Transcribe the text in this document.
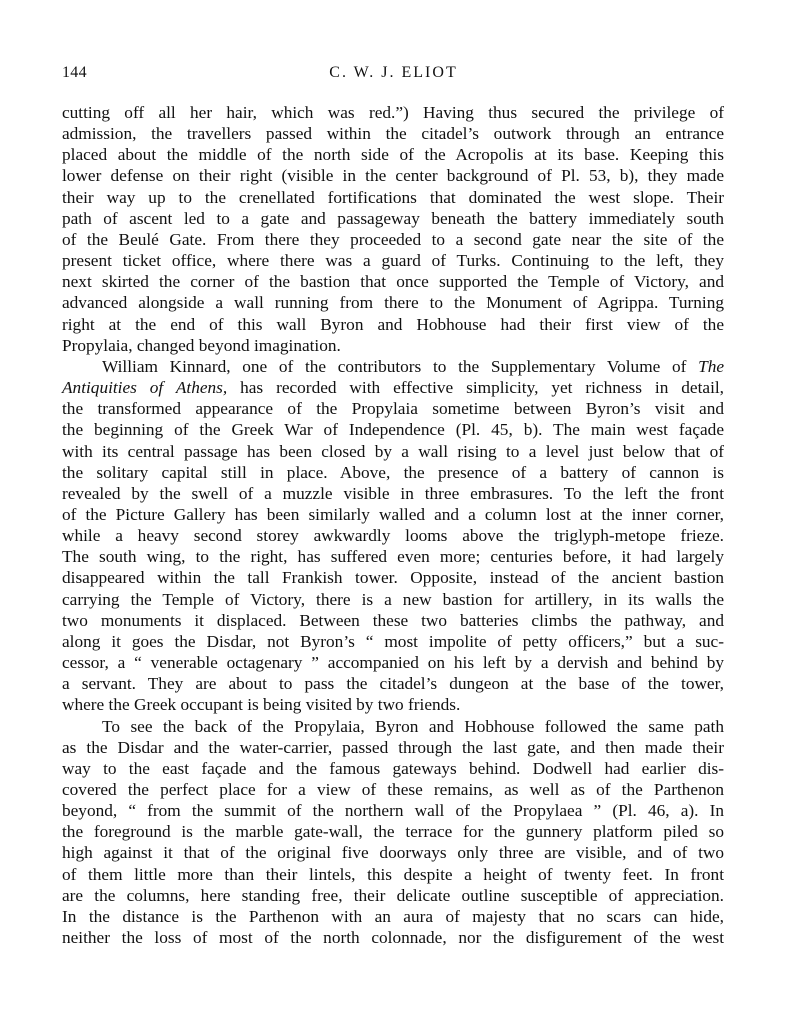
144	C. W. J. ELIOT

cutting off all her hair, which was red.”) Having thus secured the privilege of
admission, the travellers passed within the citadel’s outwork through an entrance
placed about the middle of the north side of the Acropolis at its base. Keeping this
lower defense on their right (visible in the center background of Pl. 53, b), they made
their way up to the crenellated fortifications that dominated the west slope. Their
path of ascent led to a gate and passageway beneath the battery immediately south
of the Beulé Gate. From there they proceeded to a second gate near the site of the
present ticket office, where there was a guard of Turks. Continuing to the left, they
next skirted the corner of the bastion that once supported the Temple of Victory, and
advanced alongside a wall running from there to the Monument of Agrippa. Turning
right at the end of this wall Byron and Hobhouse had their first view of the
Propylaia, changed beyond imagination.

William Kinnard, one of the contributors to the Supplementary Volume of The
Antiquities of Athens, has recorded with effective simplicity, yet richness in detail,
the transformed appearance of the Propylaia sometime between Byron’s visit and
the beginning of the Greek War of Independence (Pl. 45, b). The main west façade
with its central passage has been closed by a wall rising to a level just below that of
the solitary capital still in place. Above, the presence of a battery of cannon is
revealed by the swell of a muzzle visible in three embrasures. To the left the front
of the Picture Gallery has been similarly walled and a column lost at the inner corner,
while a heavy second storey awkwardly looms above the triglyph-metope frieze.
The south wing, to the right, has suffered even more; centuries before, it had largely
disappeared within the tall Frankish tower. Opposite, instead of the ancient bastion
carrying the Temple of Victory, there is a new bastion for artillery, in its walls the
two monuments it displaced. Between these two batteries climbs the pathway, and
along it goes the Disdar, not Byron’s “ most impolite of petty officers,” but a suc-
cessor, a “ venerable octagenary ” accompanied on his left by a dervish and behind by
a servant. They are about to pass the citadel’s dungeon at the base of the tower,
where the Greek occupant is being visited by two friends.

To see the back of the Propylaia, Byron and Hobhouse followed the same path
as the Disdar and the water-carrier, passed through the last gate, and then made their
way to the east façade and the famous gateways behind. Dodwell had earlier dis-
covered the perfect place for a view of these remains, as well as of the Parthenon
beyond, “ from the summit of the northern wall of the Propylaea ” (Pl. 46, a). In
the foreground is the marble gate-wall, the terrace for the gunnery platform piled so
high against it that of the original five doorways only three are visible, and of two
of them little more than their lintels, this despite a height of twenty feet. In front
are the columns, here standing free, their delicate outline susceptible of appreciation.
In the distance is the Parthenon with an aura of majesty that no scars can hide,
neither the loss of most of the north colonnade, nor the disfigurement of the west
